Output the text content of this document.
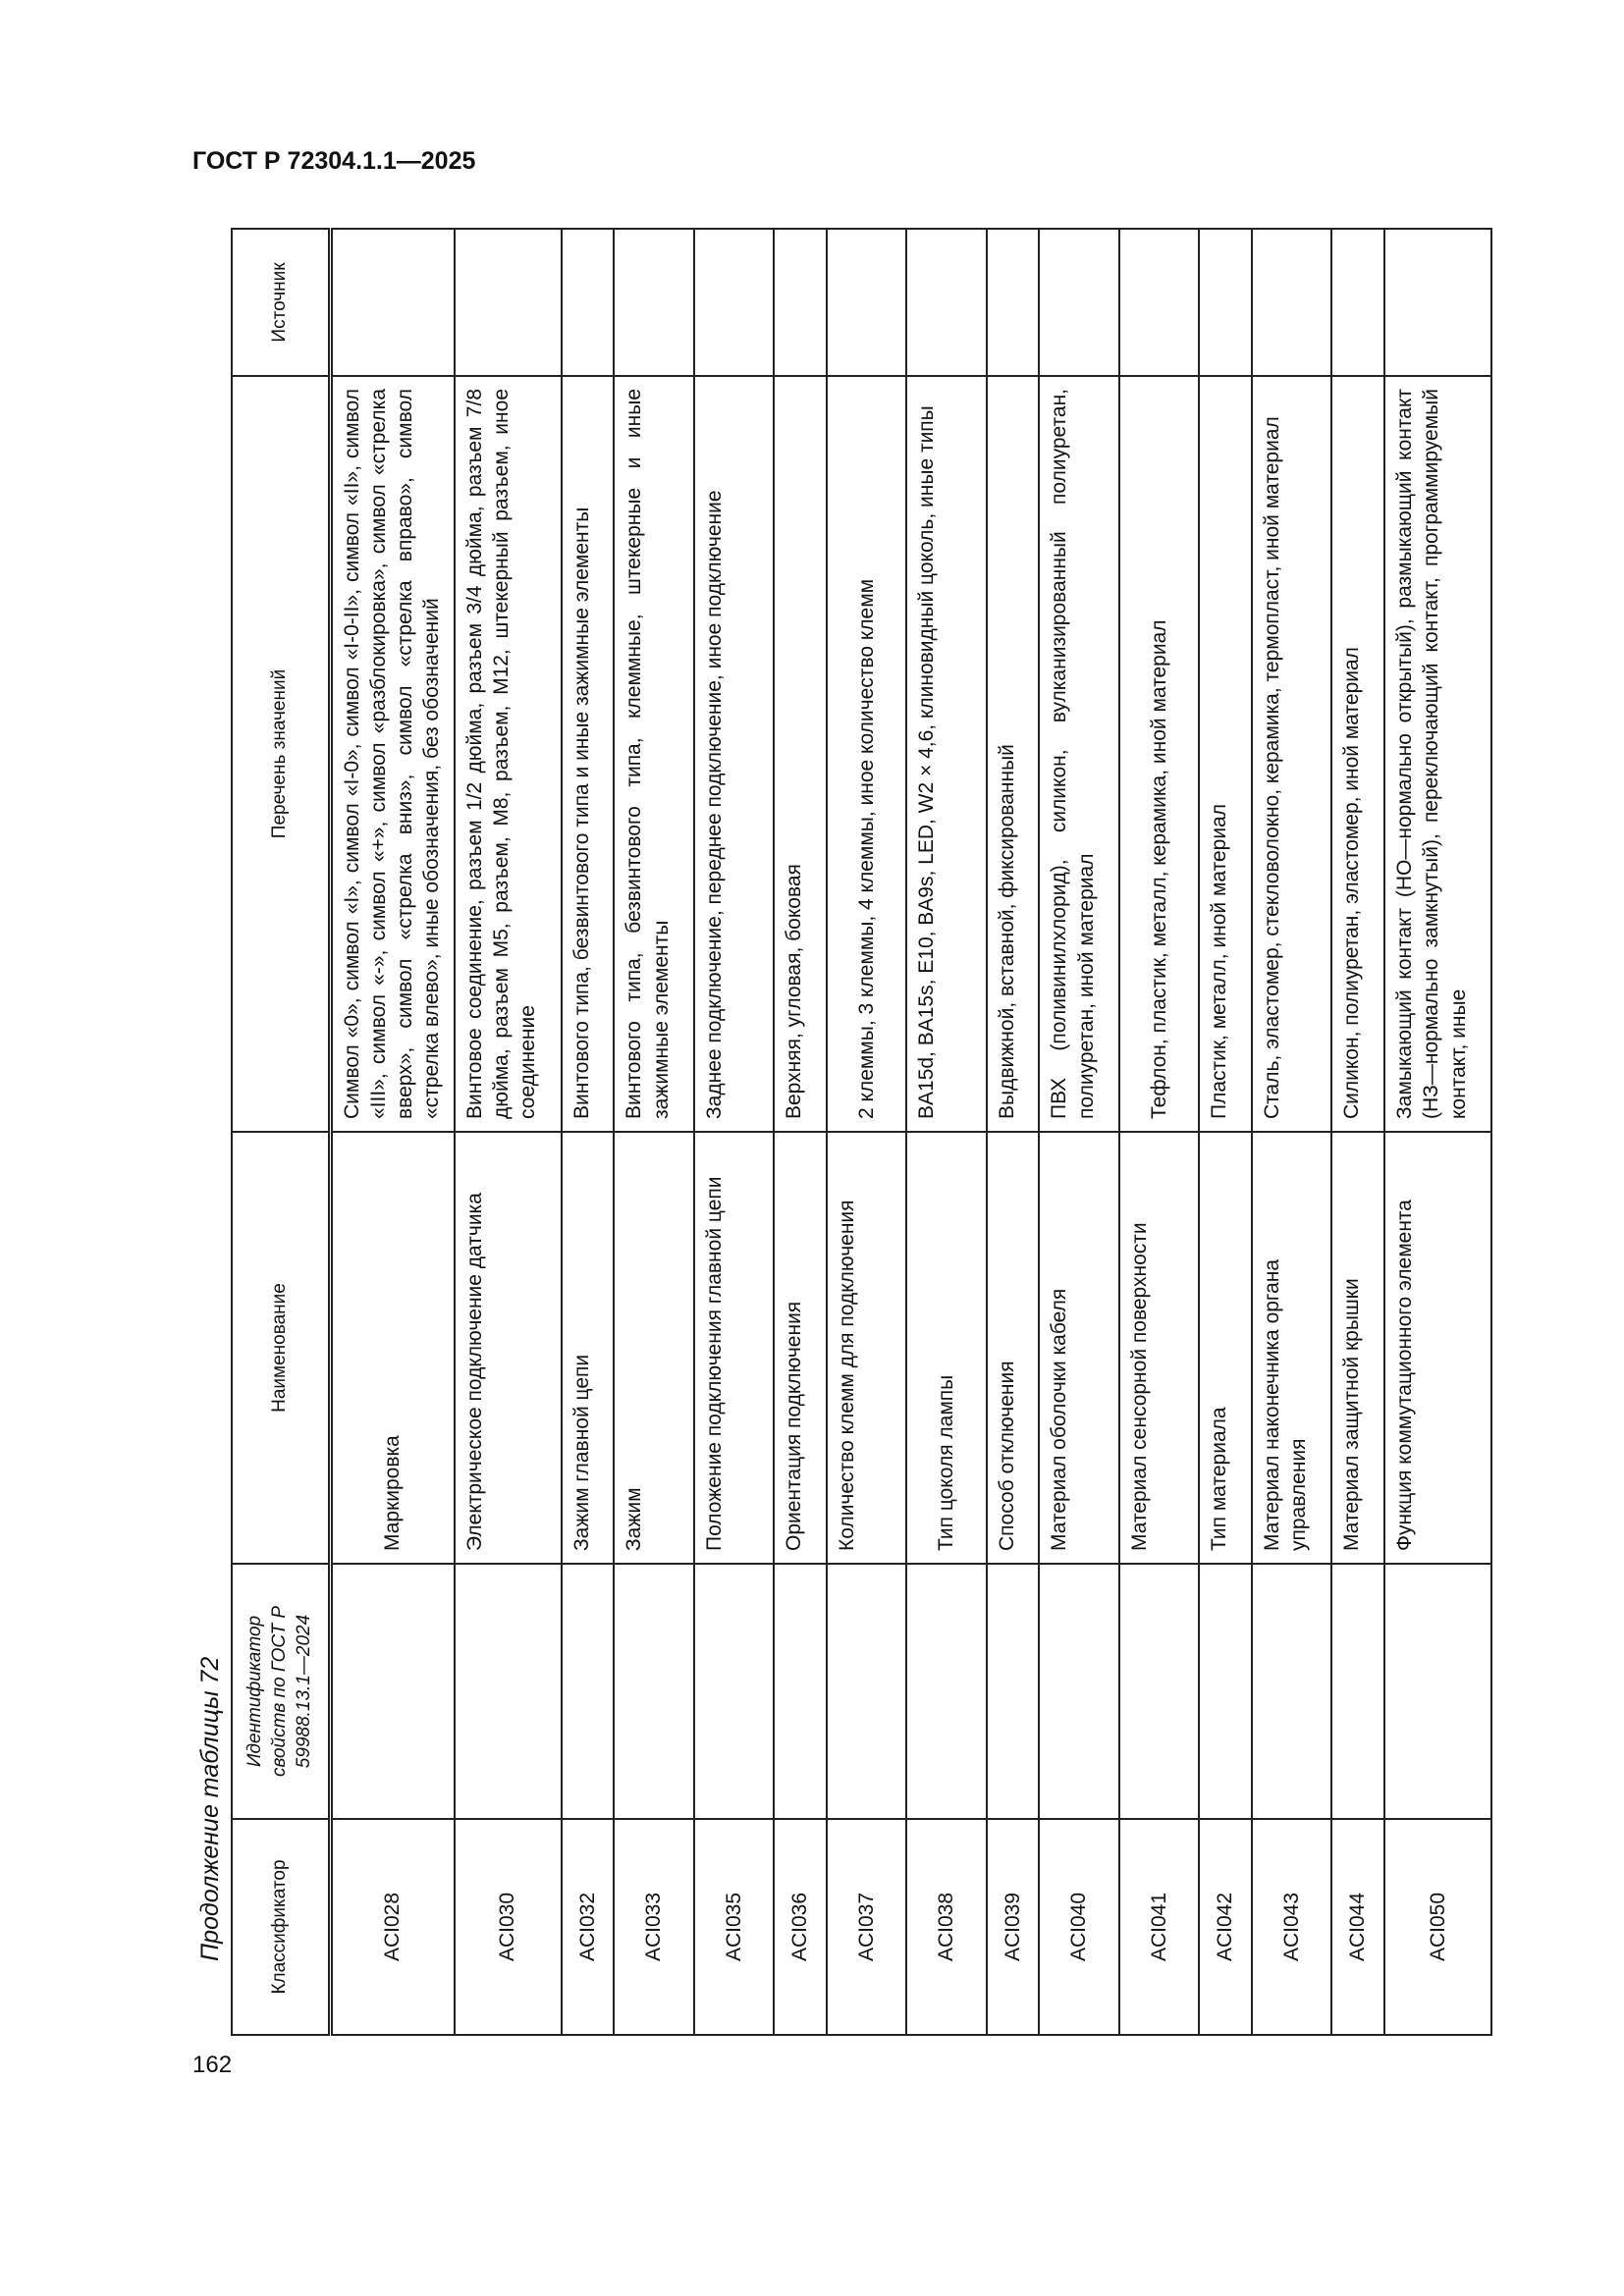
ГОСТ Р 72304.1.1—2025
Продолжение таблицы 72 Классификатор	Идентификатор свойств по ГОСТ Р 59988.13.1—2024	Наименование	Перечень значений	Источник
ACI028		Маркировка	Символ «0», символ «I», символ «I-0», символ «I-0-II», символ «II», символ «III», символ «-», символ «+», символ «разблокировка», символ «стрелка вверх», символ «стрелка вниз», символ «стрелка вправо», символ «стрелка влево», иные обозначения, без обозначений	
ACI030		Электрическое подключение датчика	Винтовое соединение, разъем 1/2 дюйма, разъем 3/4 дюйма, разъем 7/8 дюйма, разъем M5, разъем, M8, разъем, M12, штекерный разъем, иное соединение	
ACI032		Зажим главной цепи	Винтового типа, безвинтового типа и иные зажимные элементы	
ACI033		Зажим	Винтового типа, безвинтового типа, клеммные, штекерные и иные зажимные элементы	
ACI035		Положение подключения главной цепи	Заднее подключение, переднее подключение, иное подключение	
ACI036		Ориентация подключения	Верхняя, угловая, боковая	
ACI037		Количество клемм для подключения	2 клеммы, 3 клеммы, 4 клеммы, иное количество клемм	
ACI038		Тип цоколя лампы	BA15d, BA15s, E10, BA9s, LED, W2 × 4,6, клиновидный цоколь, иные типы	
ACI039		Способ отключения	Выдвижной, вставной, фиксированный	
ACI040		Материал оболочки кабеля	ПВХ (поливинилхлорид), силикон, вулканизированный полиуретан, полиуретан, иной материал	
ACI041		Материал сенсорной поверхности	Тефлон, пластик, металл, керамика, иной материал	
ACI042		Тип материала	Пластик, металл, иной материал	
ACI043		Материал наконечника органа управления	Сталь, эластомер, стекловолокно, керамика, термопласт, иной материал	
ACI044		Материал защитной крышки	Силикон, полиуретан, эластомер, иной материал	
ACI050		Функция коммутационного элемента	Замыкающий контакт (НО—нормально открытый), размыкающий контакт (НЗ—нормально замкнутый), переключающий контакт, программируемый контакт, иные	
162
